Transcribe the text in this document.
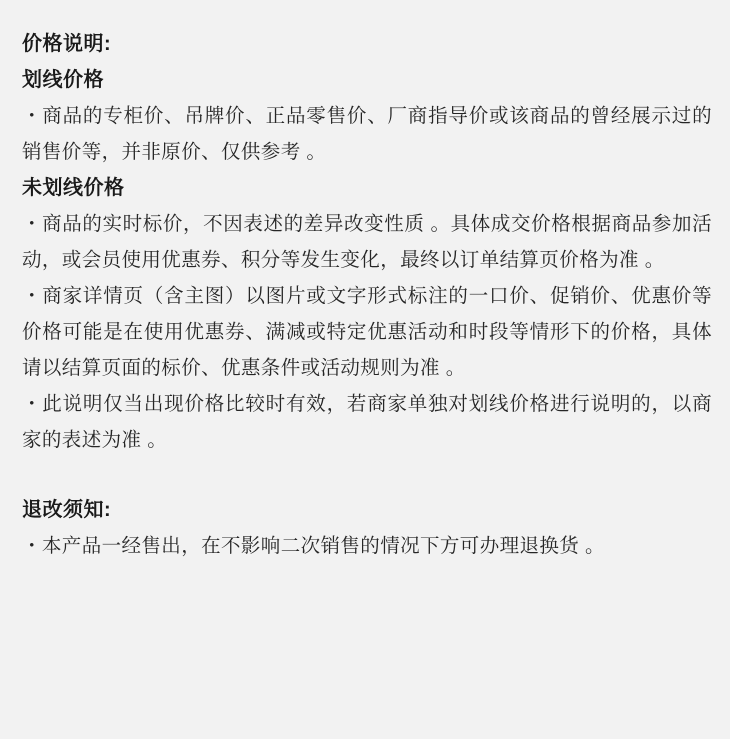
价格说明:
划线价格

・商品的专柜价、吊牌价、正品零售价、厂商指导价或该商品的曾经展示过的销售价等，并非原价、仅供参考 。

未划线价格

・商品的实时标价，不因表述的差异改变性质 。具体成交价格根据商品参加活动，或会员使用优惠券、积分等发生变化，最终以订单结算页价格为准 。

・商家详情页（含主图）以图片或文字形式标注的一口价、促销价、优惠价等价格可能是在使用优惠券、满减或特定优惠活动和时段等情形下的价格，具体请以结算页面的标价、优惠条件或活动规则为准 。

・此说明仅当出现价格比较时有效，若商家单独对划线价格进行说明的，以商家的表述为准 。

退改须知:

・本产品一经售出，在不影响二次销售的情况下方可办理退换货 。
